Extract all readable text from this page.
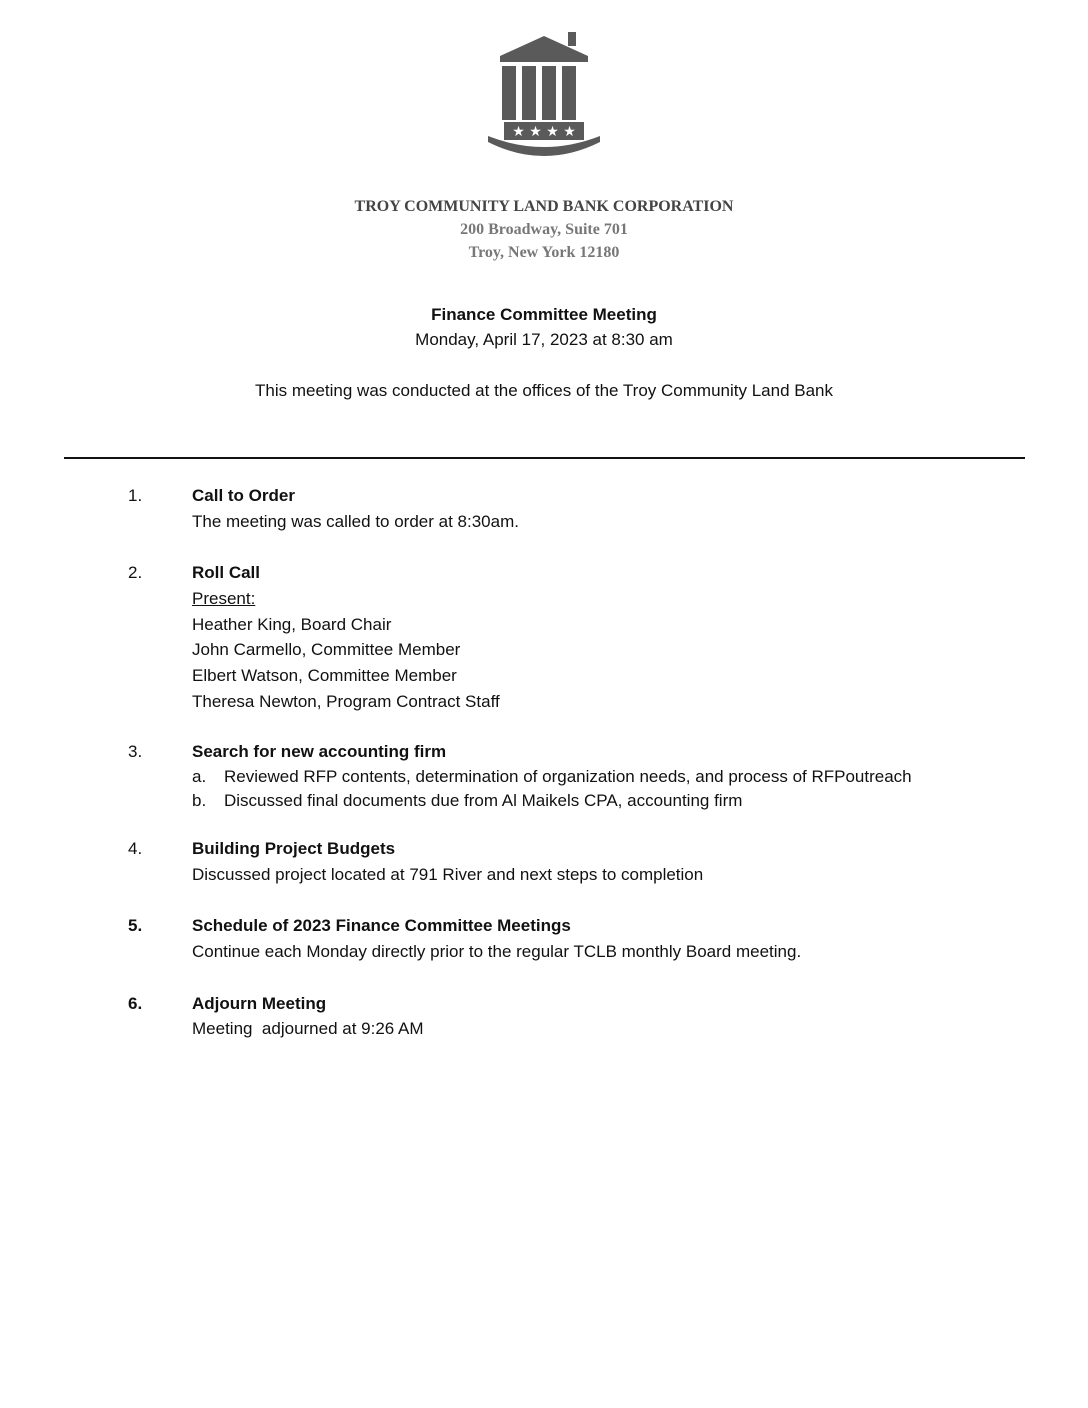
★ ★ ★ ★
TROY COMMUNITY LAND BANK CORPORATION
200 Broadway, Suite 701
Troy, New York 12180
Finance Committee Meeting
Monday, April 17, 2023 at 8:30 am
This meeting was conducted at the offices of the Troy Community Land Bank
1.	Call to Order
The meeting was called to order at 8:30am.
2.	Roll Call
Present:
Heather King, Board Chair
John Carmello, Committee Member
Elbert Watson, Committee Member
Theresa Newton, Program Contract Staff
3.	Search for new accounting firm
a. Reviewed RFP contents, determination of organization needs, and process of RFPoutreach
b. Discussed final documents due from Al Maikels CPA, accounting firm
4.	Building Project Budgets
Discussed project located at 791 River and next steps to completion
5.	Schedule of 2023 Finance Committee Meetings
Continue each Monday directly prior to the regular TCLB monthly Board meeting.
6.	Adjourn Meeting
Meeting  adjourned at 9:26 AM
